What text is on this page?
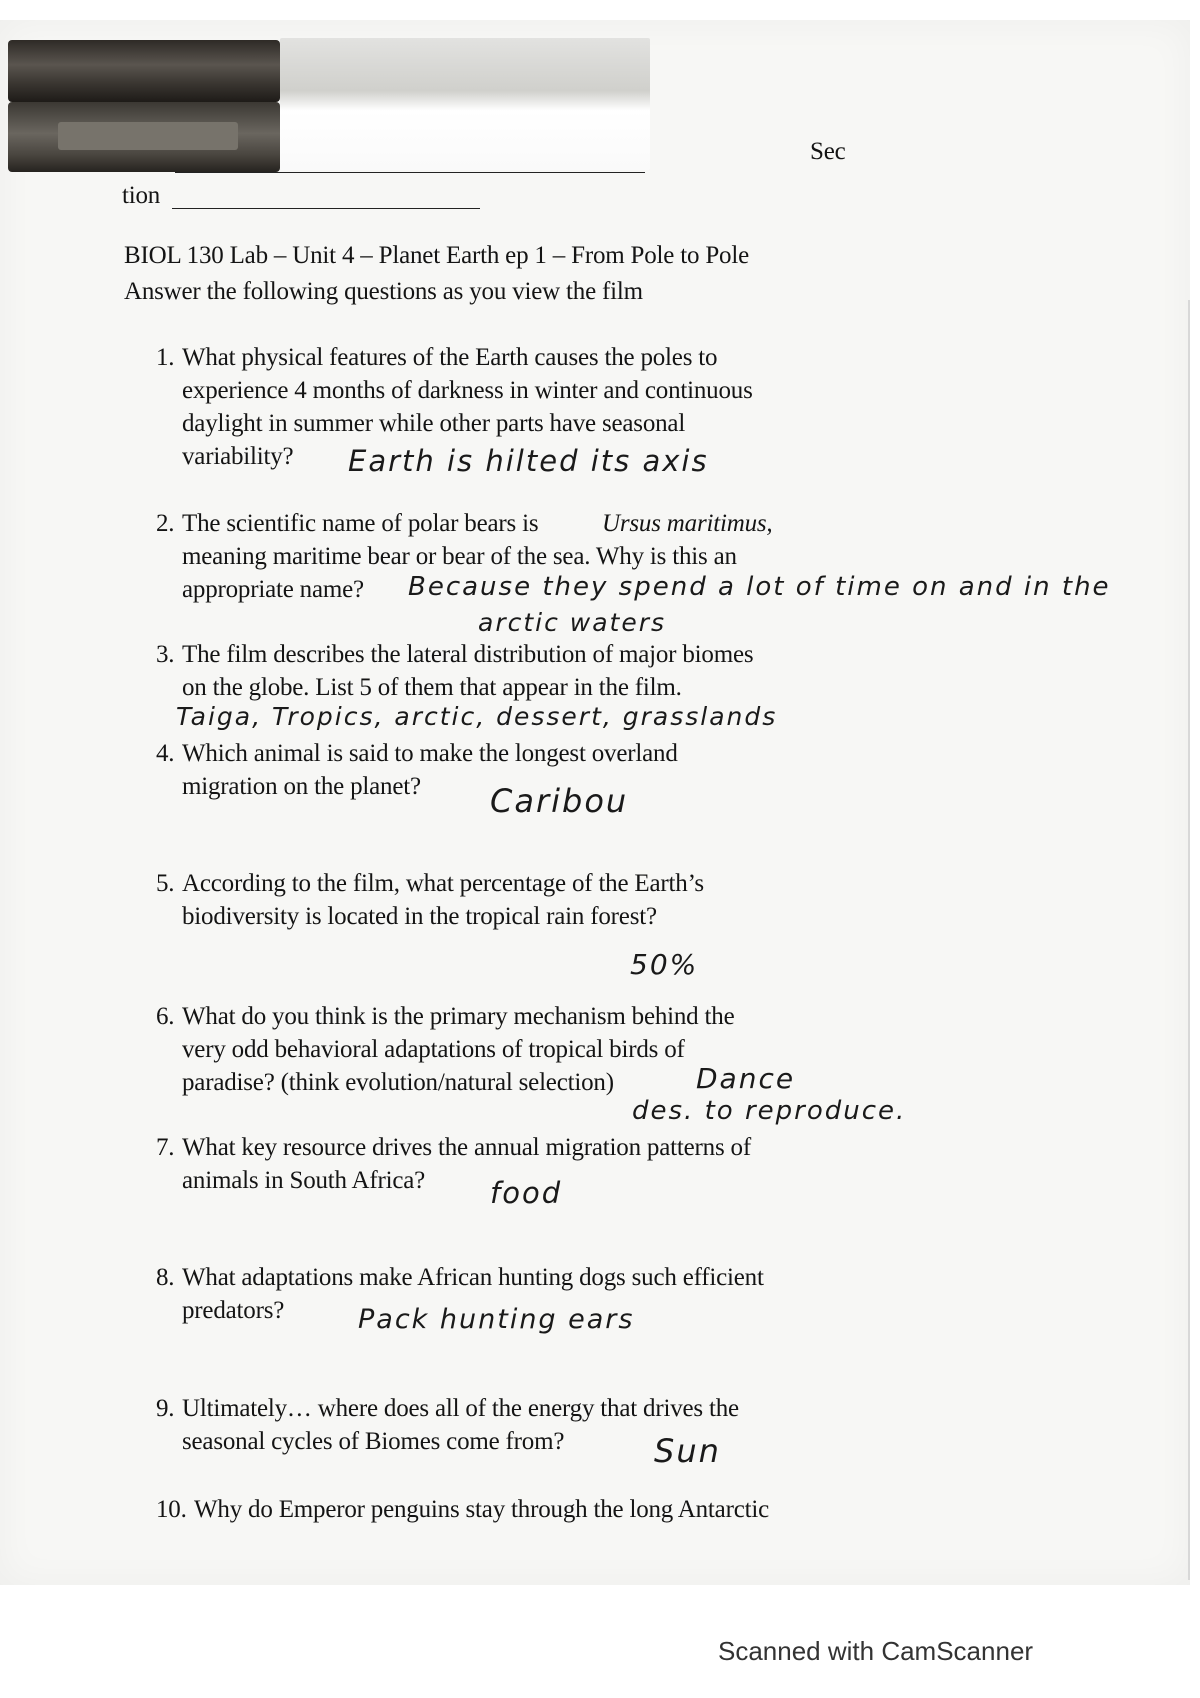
Sec
tion
BIOL 130 Lab – Unit 4 – Planet Earth ep 1 – From Pole to Pole
Answer the following questions as you view the film
1. What physical features of the Earth causes the poles to
experience 4 months of darkness in winter and continuous
daylight in summer while other parts have seasonal
variability? Earth is hilted its axis
2. The scientific name of polar bears is	Ursus maritimus,
meaning maritime bear or bear of the sea. Why is this an
appropriate name? Because they spend a lot of time on and in the
arctic waters
3. The film describes the lateral distribution of major biomes
on the globe. List 5 of them that appear in the film.
Taiga, Tropics, arctic, dessert, grasslands
4. Which animal is said to make the longest overland
migration on the planet? Caribou
5. According to the film, what percentage of the Earth’s
biodiversity is located in the tropical rain forest?
50%
6. What do you think is the primary mechanism behind the
very odd behavioral adaptations of tropical birds of
paradise? (think evolution/natural selection)	Dance
des. to reproduce.
7. What key resource drives the annual migration patterns of
animals in South Africa? food
8. What adaptations make African hunting dogs such efficient
predators?	Pack hunting ears
9. Ultimately… where does all of the energy that drives the
seasonal cycles of Biomes come from?	Sun
10. Why do Emperor penguins stay through the long Antarctic
Scanned with CamScanner
